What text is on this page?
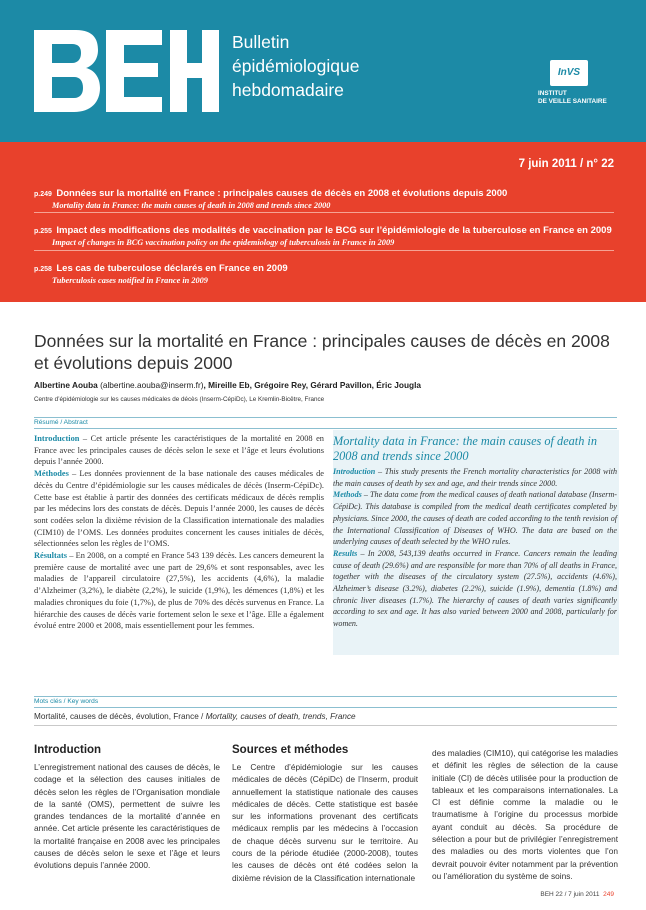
Bulletin
épidémiologique
hebdomadaire
InVS
INSTITUT
DE VEILLE SANITAIRE
7 juin 2011 / n° 22
p.249 Données sur la mortalité en France : principales causes de décès en 2008 et évolutions depuis 2000
Mortality data in France: the main causes of death in 2008 and trends since 2000
p.255 Impact des modifications des modalités de vaccination par le BCG sur l’épidémiologie de la tuberculose en France en 2009
Impact of changes in BCG vaccination policy on the epidemiology of tuberculosis in France in 2009
p.258 Les cas de tuberculose déclarés en France en 2009
Tuberculosis cases notified in France in 2009
Données sur la mortalité en France : principales causes de décès en 2008
et évolutions depuis 2000
Albertine Aouba (albertine.aouba@inserm.fr), Mireille Eb, Grégoire Rey, Gérard Pavillon, Éric Jougla
Centre d’épidémiologie sur les causes médicales de décès (Inserm-CépiDc), Le Kremlin-Bicêtre, France
Résumé / Abstract

Introduction – Cet article présente les caractéristiques de la mortalité en 2008 en France avec les principales causes de décès selon le sexe et l’âge et leurs évolutions depuis l’année 2000.

Méthodes – Les données proviennent de la base nationale des causes médicales de décès du Centre d’épidémiologie sur les causes médicales de décès (Inserm-CépiDc). Cette base est établie à partir des données des certificats médicaux de décès remplis par les médecins lors des constats de décès. Depuis l’année 2000, les causes de décès sont codées selon la dixième révision de la Classification internationale des maladies (CIM10) de l’OMS. Les données produites concernent les causes initiales de décès, sélectionnées selon les règles de l’OMS.

Résultats – En 2008, on a compté en France 543 139 décès. Les cancers demeurent la première cause de mortalité avec une part de 29,6% et sont responsables, avec les maladies de l’appareil circulatoire (27,5%), les accidents (4,6%), la maladie d’Alzheimer (3,2%), le diabète (2,2%), le suicide (1,9%), les démences (1,8%) et les maladies chroniques du foie (1,7%), de plus de 70% des décès survenus en France. La hiérarchie des causes de décès varie fortement selon le sexe et l’âge. Elle a également évolué entre 2000 et 2008, mais essentiellement pour les femmes.

Mortality data in France: the main causes of death in 2008 and trends since 2000

Introduction – This study presents the French mortality characteristics for 2008 with the main causes of death by sex and age, and their trends since 2000.

Methods – The data come from the medical causes of death national database (Inserm-CépiDc). This database is compiled from the medical death certificates completed by physicians. Since 2000, the causes of death are coded according to the tenth revision of the International Classification of Diseases of WHO. The data are based on the underlying causes of death selected by the WHO rules.

Results – In 2008, 543,139 deaths occurred in France. Cancers remain the leading cause of death (29.6%) and are responsible for more than 70% of all deaths in France, together with the diseases of the circulatory system (27.5%), accidents (4.6%), Alzheimer’s disease (3.2%), diabetes (2.2%), suicide (1.9%), dementia (1.8%) and chronic liver diseases (1.7%). The hierarchy of causes of death varies significantly according to sex and age. It has also varied between 2000 and 2008, particularly for women.

Mots clés / Key words
Mortalité, causes de décès, évolution, France / Mortality, causes of death, trends, France
Introduction
L’enregistrement national des causes de décès, le codage et la sélection des causes initiales de décès selon les règles de l’Organisation mondiale de la santé (OMS), permettent de suivre les grandes tendances de la mortalité d’année en année. Cet article présente les caractéristiques de la mortalité française en 2008 avec les principales causes de décès selon le sexe et l’âge et leurs évolutions depuis l’année 2000.
Sources et méthodes
Le Centre d’épidémiologie sur les causes médicales de décès (CépiDc) de l’Inserm, produit annuellement la statistique nationale des causes médicales de décès. Cette statistique est basée sur les informations provenant des certificats médicaux remplis par les médecins à l’occasion de chaque décès survenu sur le territoire. Au cours de la période étudiée (2000-2008), toutes les causes de décès ont été codées selon la dixième révision de la Classification internationale
des maladies (CIM10), qui catégorise les maladies et définit les règles de sélection de la cause initiale (CI) de décès utilisée pour la production de tableaux et les comparaisons internationales. La CI est définie comme la maladie ou le traumatisme à l’origine du processus morbide ayant conduit au décès. Sa procédure de sélection a pour but de privilégier l’enregistrement des maladies ou des morts violentes que l’on devrait pouvoir éviter notamment par la prévention ou l’amélioration du système de soins.
BEH 22 / 7 juin 2011 249
